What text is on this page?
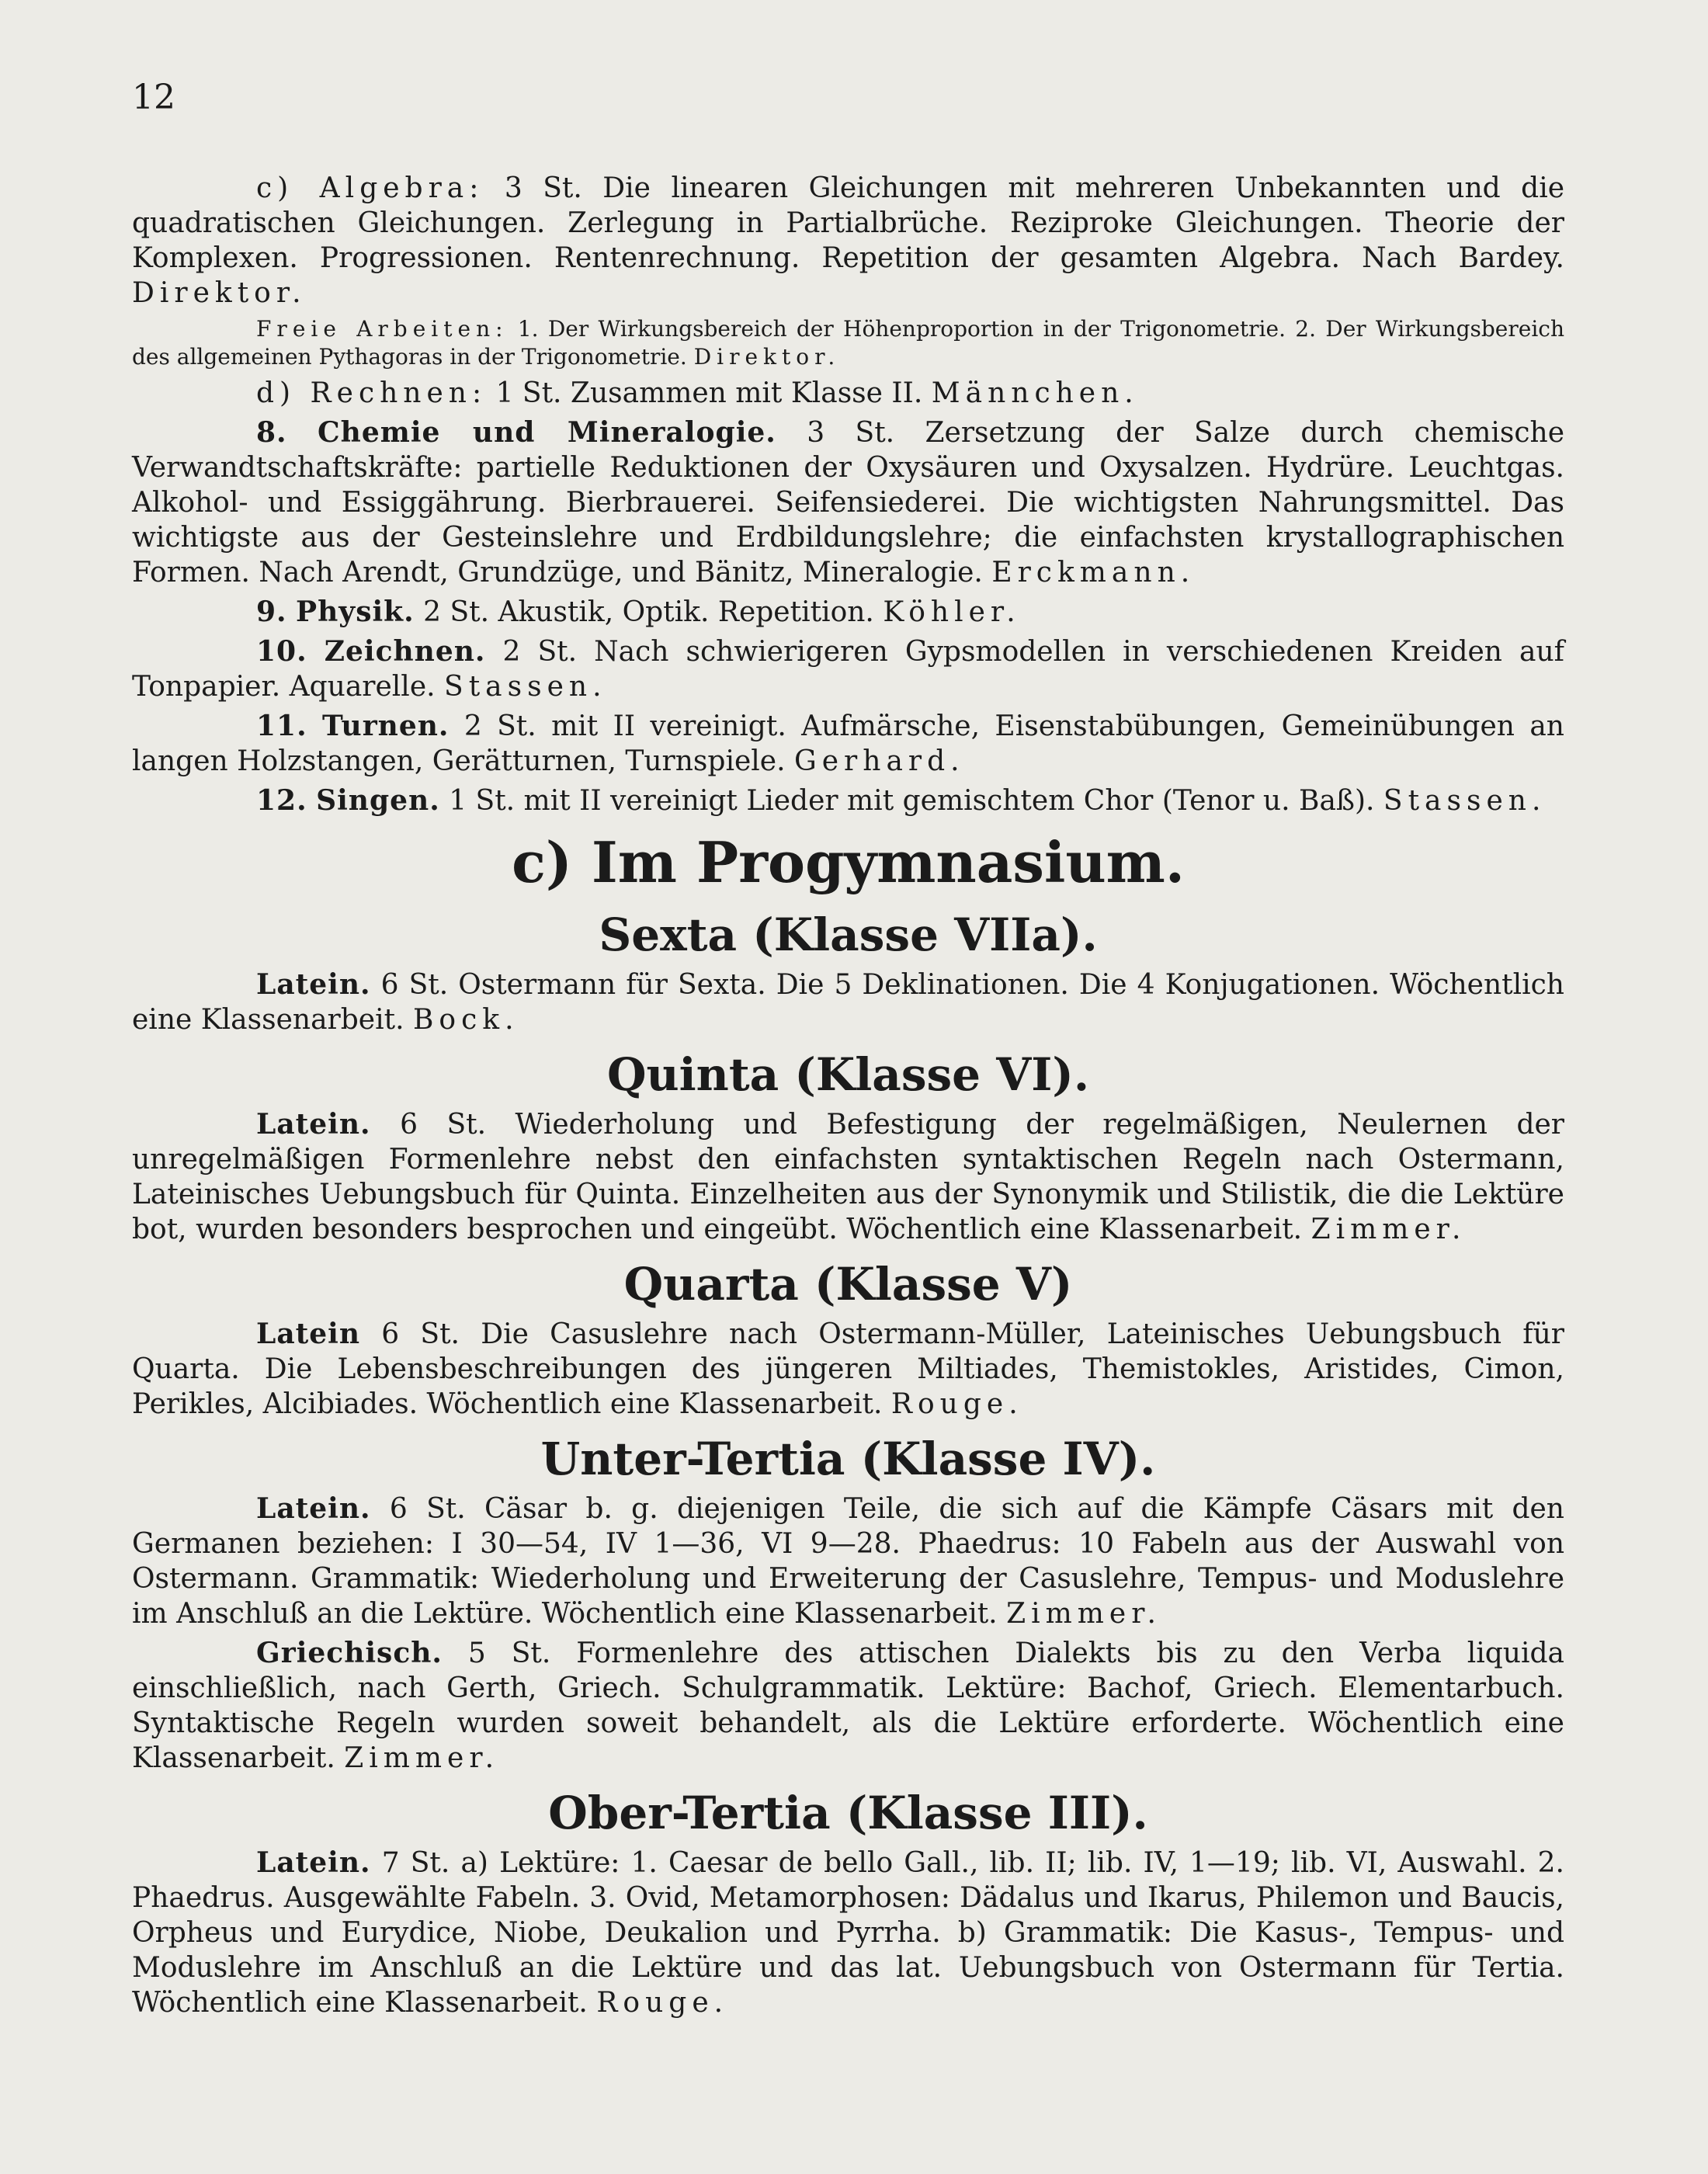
12

c) Algebra: 3 St. Die linearen Gleichungen mit mehreren Unbekannten und die quadratischen Gleichungen. Zerlegung in Partialbrüche. Reziproke Gleichungen. Theorie der Komplexen. Progressionen. Rentenrechnung. Repetition der gesamten Algebra. Nach Bardey. Direktor.

Freie Arbeiten: 1. Der Wirkungsbereich der Höhenproportion in der Trigonometrie. 2. Der Wirkungsbereich des allgemeinen Pythagoras in der Trigonometrie. Direktor.

d) Rechnen: 1 St. Zusammen mit Klasse II. Männchen.

8. Chemie und Mineralogie. 3 St. Zersetzung der Salze durch chemische Verwandtschaftskräfte: partielle Reduktionen der Oxysäuren und Oxysalzen. Hydrüre. Leuchtgas. Alkohol- und Essiggährung. Bierbrauerei. Seifensiederei. Die wichtigsten Nahrungsmittel. Das wichtigste aus der Gesteinslehre und Erdbildungslehre; die einfachsten krystallographischen Formen. Nach Arendt, Grundzüge, und Bänitz, Mineralogie. Erckmann.

9. Physik. 2 St. Akustik, Optik. Repetition. Köhler.

10. Zeichnen. 2 St. Nach schwierigeren Gypsmodellen in verschiedenen Kreiden auf Tonpapier. Aquarelle. Stassen.

11. Turnen. 2 St. mit II vereinigt. Aufmärsche, Eisenstabübungen, Gemeinübungen an langen Holzstangen, Gerätturnen, Turnspiele. Gerhard.

12. Singen. 1 St. mit II vereinigt Lieder mit gemischtem Chor (Tenor u. Baß). Stassen.

c) Im Progymnasium.
Sexta (Klasse VIIa).

Latein. 6 St. Ostermann für Sexta. Die 5 Deklinationen. Die 4 Konjugationen. Wöchentlich eine Klassenarbeit. Bock.

Quinta (Klasse VI).

Latein. 6 St. Wiederholung und Befestigung der regelmäßigen, Neulernen der unregelmäßigen Formenlehre nebst den einfachsten syntaktischen Regeln nach Ostermann, Lateinisches Uebungsbuch für Quinta. Einzelheiten aus der Synonymik und Stilistik, die die Lektüre bot, wurden besonders besprochen und eingeübt. Wöchentlich eine Klassenarbeit. Zimmer.

Quarta (Klasse V)

Latein 6 St. Die Casuslehre nach Ostermann-Müller, Lateinisches Uebungsbuch für Quarta. Die Lebensbeschreibungen des jüngeren Miltiades, Themistokles, Aristides, Cimon, Perikles, Alcibiades. Wöchentlich eine Klassenarbeit. Rouge.

Unter-Tertia (Klasse IV).

Latein. 6 St. Cäsar b. g. diejenigen Teile, die sich auf die Kämpfe Cäsars mit den Germanen beziehen: I 30—54, IV 1—36, VI 9—28. Phaedrus: 10 Fabeln aus der Auswahl von Ostermann. Grammatik: Wiederholung und Erweiterung der Casuslehre, Tempus- und Moduslehre im Anschluß an die Lektüre. Wöchentlich eine Klassenarbeit. Zimmer.

Griechisch. 5 St. Formenlehre des attischen Dialekts bis zu den Verba liquida einschließlich, nach Gerth, Griech. Schulgrammatik. Lektüre: Bachof, Griech. Elementarbuch. Syntaktische Regeln wurden soweit behandelt, als die Lektüre erforderte. Wöchentlich eine Klassenarbeit. Zimmer.

Ober-Tertia (Klasse III).

Latein. 7 St. a) Lektüre: 1. Caesar de bello Gall., lib. II; lib. IV, 1—19; lib. VI, Auswahl. 2. Phaedrus. Ausgewählte Fabeln. 3. Ovid, Metamorphosen: Dädalus und Ikarus, Philemon und Baucis, Orpheus und Eurydice, Niobe, Deukalion und Pyrrha. b) Grammatik: Die Kasus-, Tempus- und Moduslehre im Anschluß an die Lektüre und das lat. Uebungsbuch von Ostermann für Tertia. Wöchentlich eine Klassenarbeit. Rouge.
